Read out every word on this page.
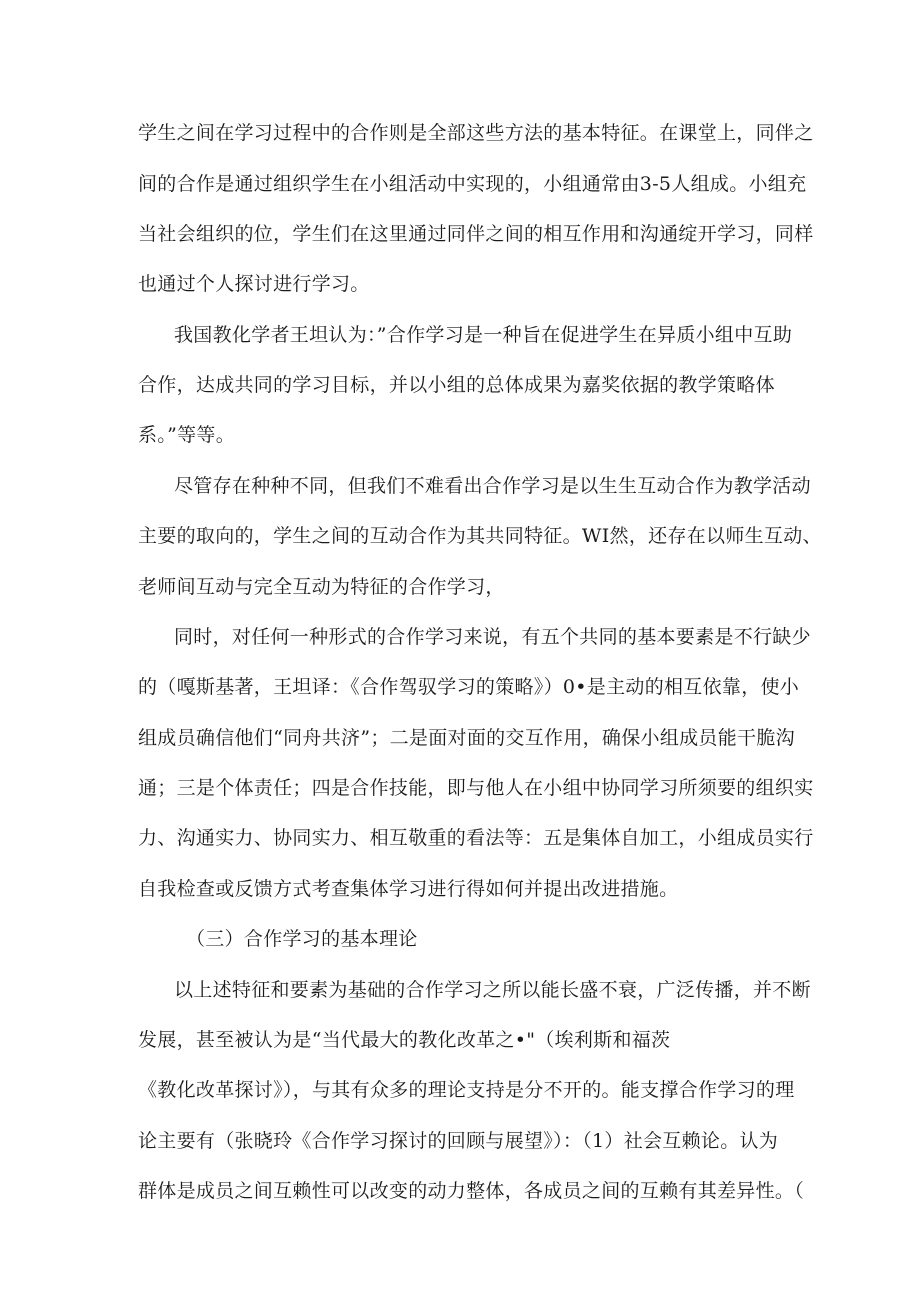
学生之间在学习过程中的合作则是全部这些方法的基本特征。在课堂上，同伴之
间的合作是通过组织学生在小组活动中实现的，小组通常由3-5人组成。小组充
当社会组织的位，学生们在这里通过同伴之间的相互作用和沟通绽开学习，同样
也通过个人探讨进行学习。
我国教化学者王坦认为：”合作学习是一种旨在促进学生在异质小组中互助
合作，达成共同的学习目标，并以小组的总体成果为嘉奖依据的教学策略体
系。”等等。
尽管存在种种不同，但我们不难看出合作学习是以生生互动合作为教学活动
主要的取向的，学生之间的互动合作为其共同特征。WI然，还存在以师生互动、
老师间互动与完全互动为特征的合作学习，
同时，对任何一种形式的合作学习来说，有五个共同的基本要素是不行缺少
的（嘎斯基著，王坦译：《合作驾驭学习的策略》）0•是主动的相互依靠，使小
组成员确信他们“同舟共济”；二是面对面的交互作用，确保小组成员能干脆沟
通；三是个体责任；四是合作技能，即与他人在小组中协同学习所须要的组织实
力、沟通实力、协同实力、相互敬重的看法等：五是集体自加工，小组成员实行
自我检查或反馈方式考查集体学习进行得如何并提出改进措施。
（三）合作学习的基本理论
以上述特征和要素为基础的合作学习之所以能长盛不衰，广泛传播，并不断
发展，甚至被认为是“当代最大的教化改革之•"（埃利斯和福茨
《教化改革探讨》），与其有众多的理论支持是分不开的。能支撑合作学习的理
论主要有（张晓玲《合作学习探讨的回顾与展望》）：（1）社会互赖论。认为
群体是成员之间互赖性可以改变的动力整体，各成员之间的互赖有其差异性。（
